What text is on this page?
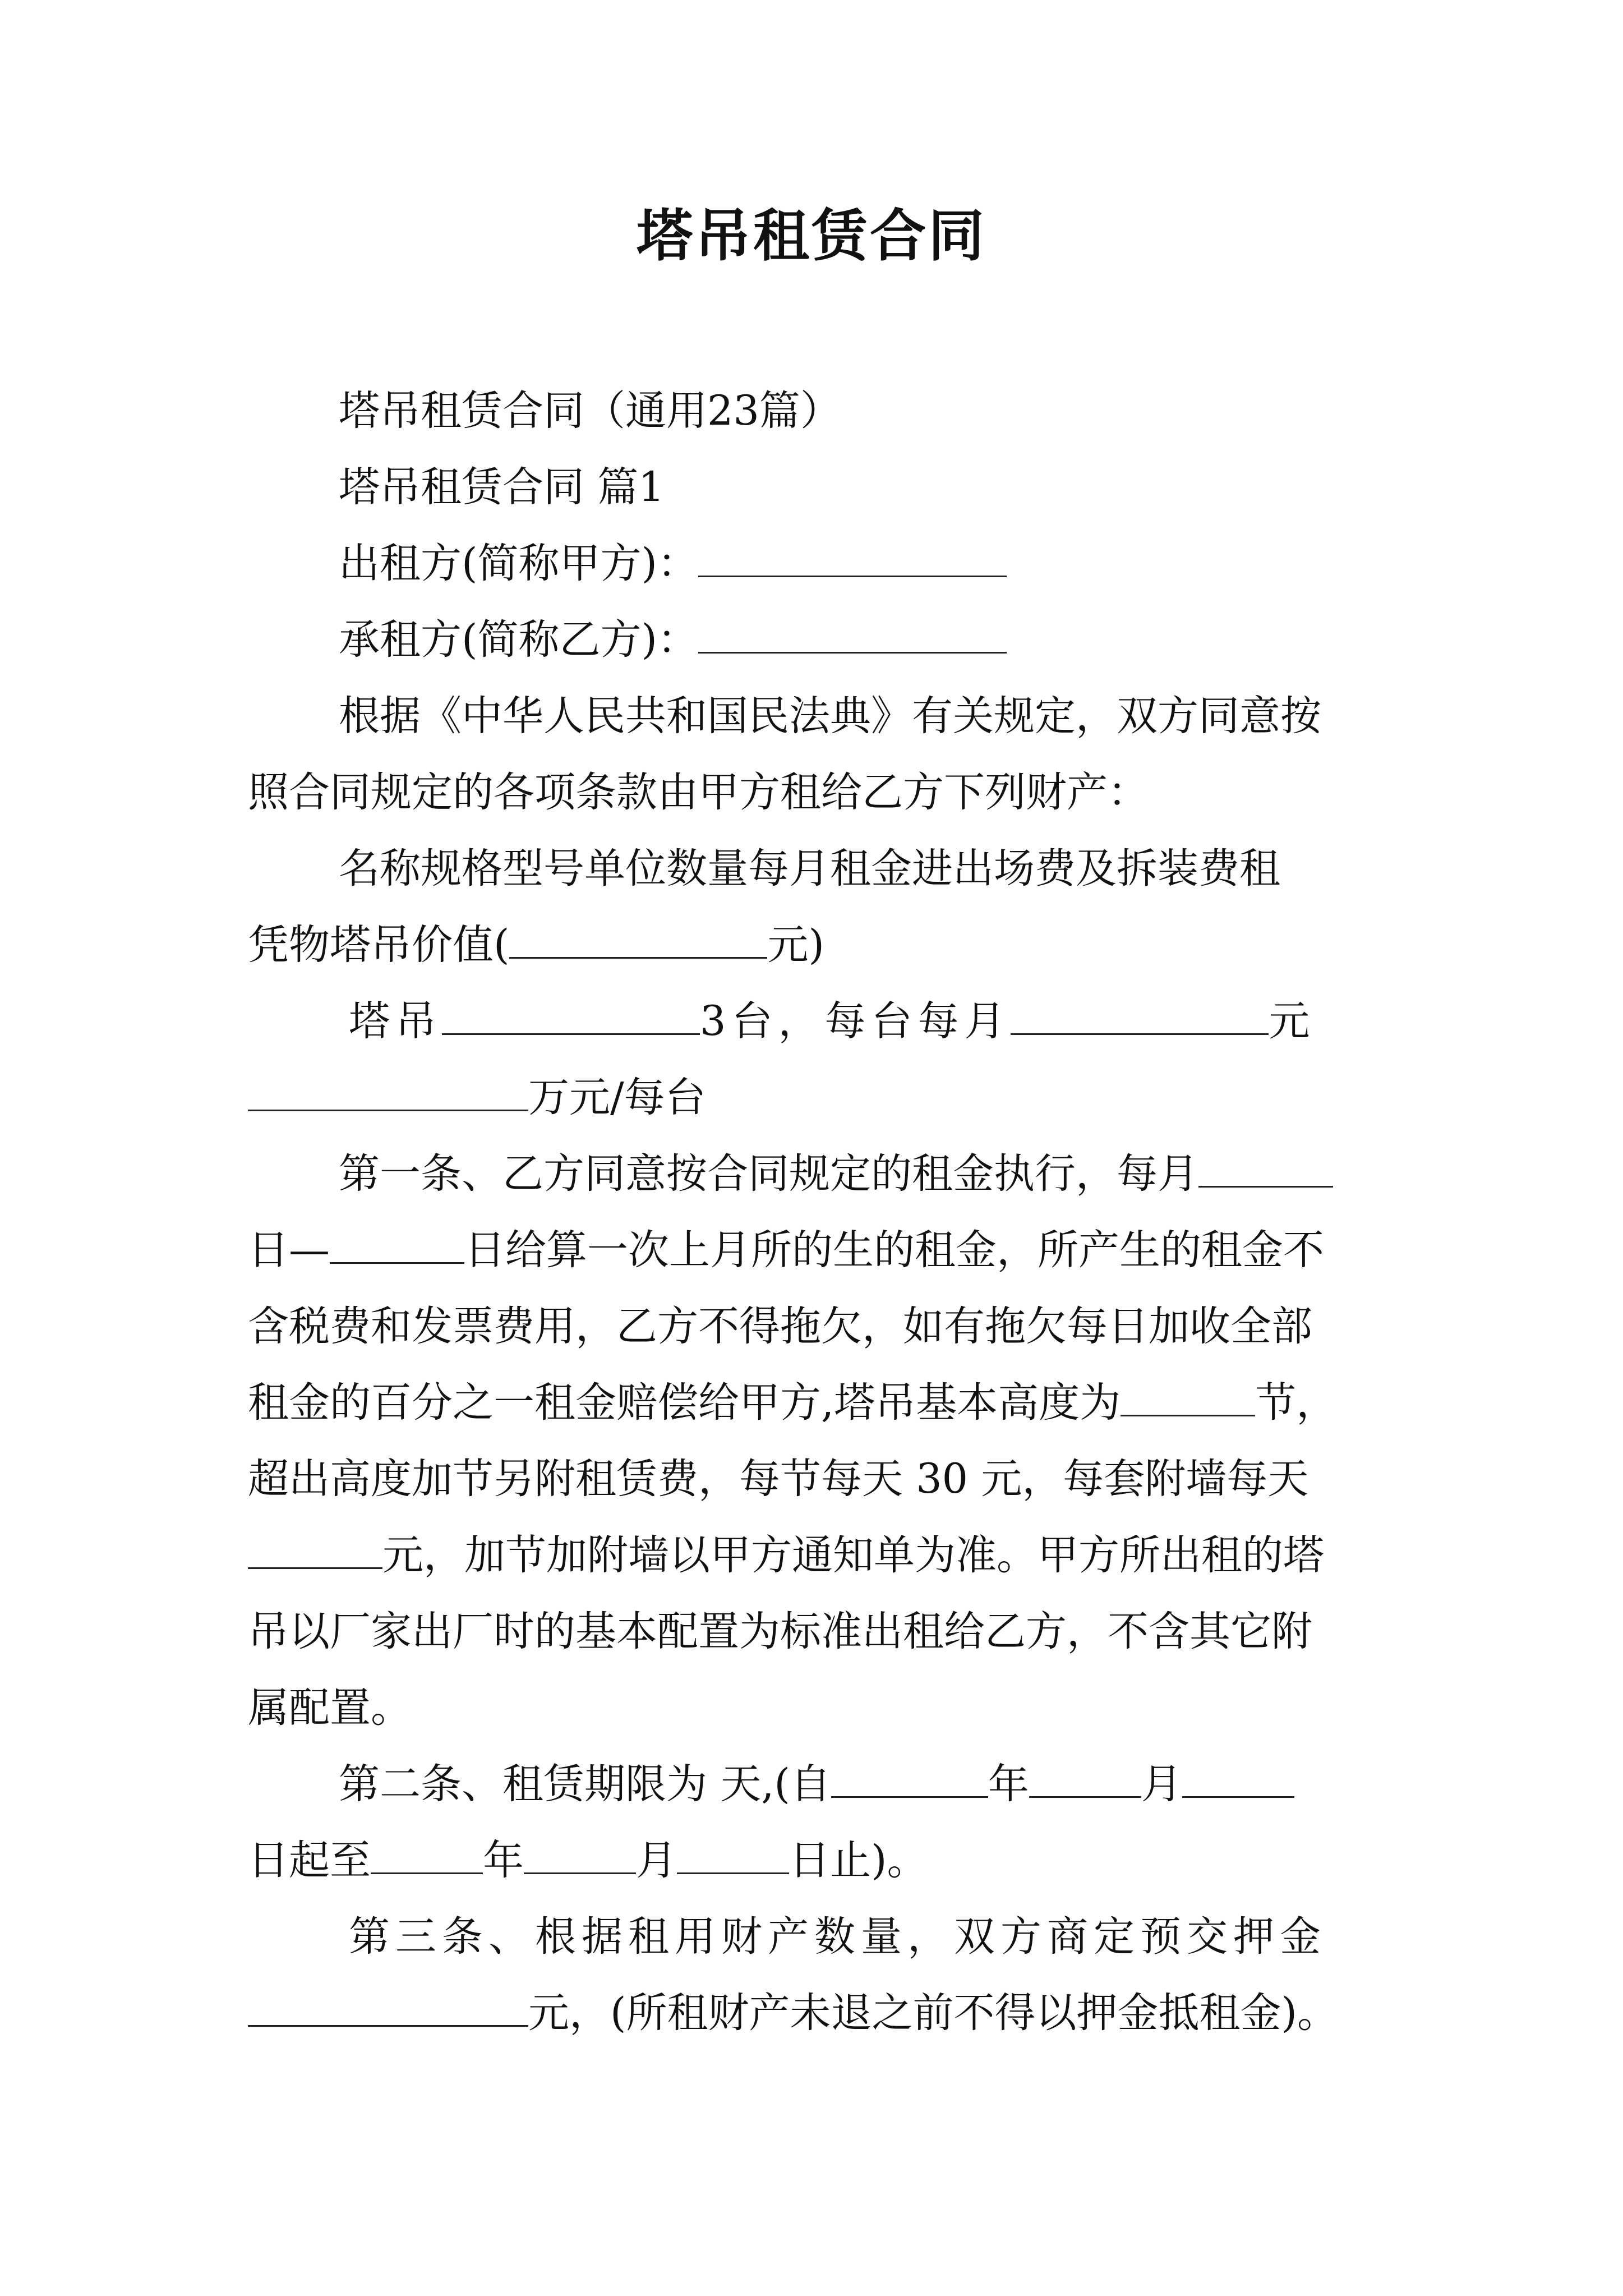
塔吊租赁合同

塔吊租赁合同（通用23篇）

塔吊租赁合同 篇1

出租方(简称甲方)：

承租方(简称乙方)：

根据《中华人民共和国民法典》有关规定，双方同意按

照合同规定的各项条款由甲方租给乙方下列财产：

名称规格型号单位数量每月租金进出场费及拆装费租

凭物塔吊价值(	元)

塔吊	3台，每台每月	元

万元/每台

第一条、乙方同意按合同规定的租金执行，每月

日—	日给算一次上月所的生的租金，所产生的租金不
含税费和发票费用，乙方不得拖欠，如有拖欠每日加收全部
租金的百分之一租金赔偿给甲方,塔吊基本高度为	节，
超出高度加节另附租赁费，每节每天 30 元，每套附墙每天
元，加节加附墙以甲方通知单为准。甲方所出租的塔
吊以厂家出厂时的基本配置为标准出租给乙方，不含其它附
属配置。

第二条、租赁期限为 天,(自	年	月

日起至	年	月	日止)。

第三条、根据租用财产数量，双方商定预交押金

元，(所租财产未退之前不得以押金抵租金)。
